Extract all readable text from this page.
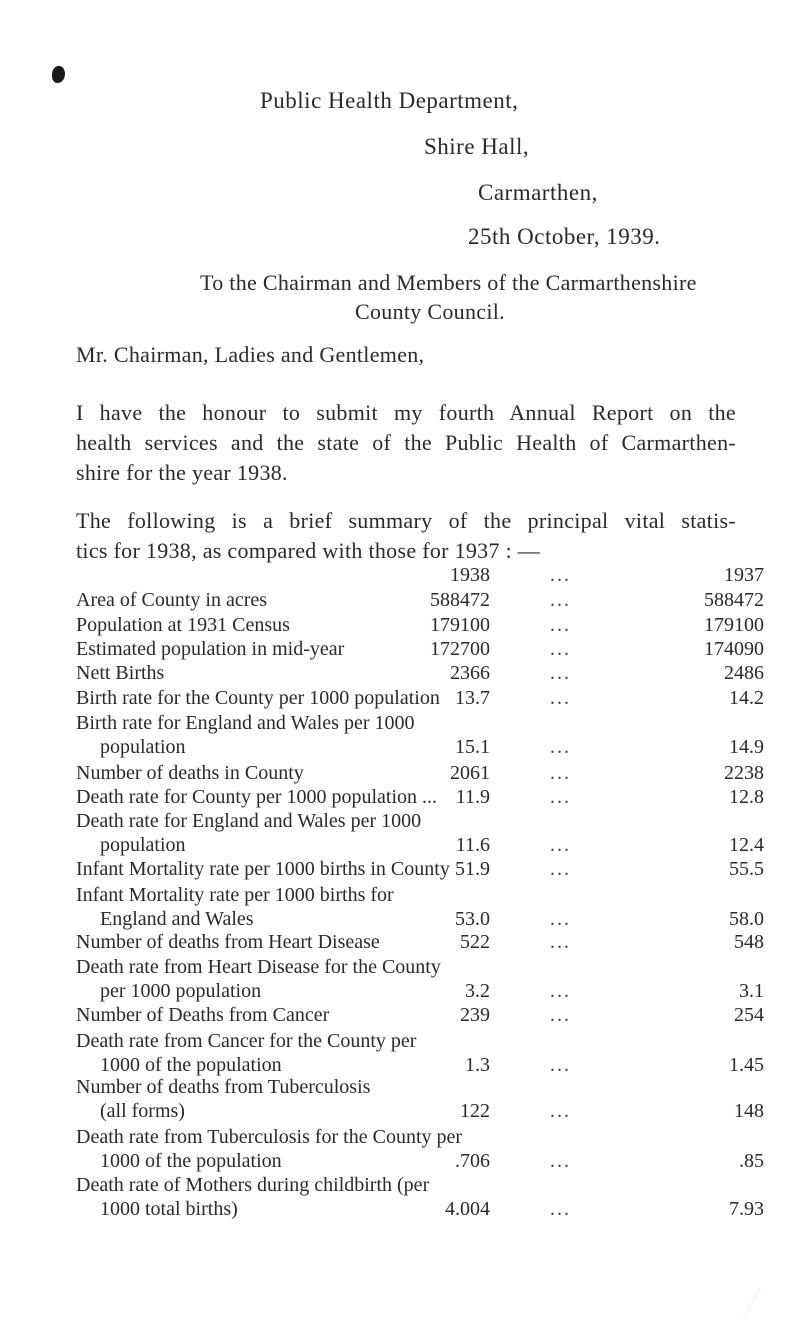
Public Health Department,
Shire Hall,
Carmarthen,
25th October, 1939.
To the Chairman and Members of the Carmarthenshire
County Council.
Mr. Chairman, Ladies and Gentlemen,
I have the honour to submit my fourth Annual Report on the
health services and the state of the Public Health of Carmarthen-
shire for the year 1938.
The following is a brief summary of the principal vital statis-
tics for 1938, as compared with those for 1937 : —
1938	...	1937
Area of County in acres	588472	...	588472
Population at 1931 Census	179100	...	179100
Estimated population in mid-year	172700	...	174090
Nett Births	2366	...	2486
Birth rate for the County per 1000 population 13.7	...	14.2
Birth rate for England and Wales per 1000
population	15.1	...	14.9
Number of deaths in County	2061	...	2238
Death rate for County per 1000 population ... 11.9	...	12.8
Death rate for England and Wales per 1000
population	11.6	...	12.4
Infant Mortality rate per 1000 births in County 51.9	...	55.5
Infant Mortality rate per 1000 births for
England and Wales	53.0	...	58.0
Number of deaths from Heart Disease	522	...	548
Death rate from Heart Disease for the County
per 1000 population	3.2	...	3.1
Number of Deaths from Cancer	239	...	254
Death rate from Cancer for the County per
1000 of the population	1.3	...	1.45
Number of deaths from Tuberculosis
(all forms)	122	...	148
Death rate from Tuberculosis for the County per
1000 of the population	.706	...	.85
Death rate of Mothers during childbirth (per
1000 total births)	4.004	...	7.93
